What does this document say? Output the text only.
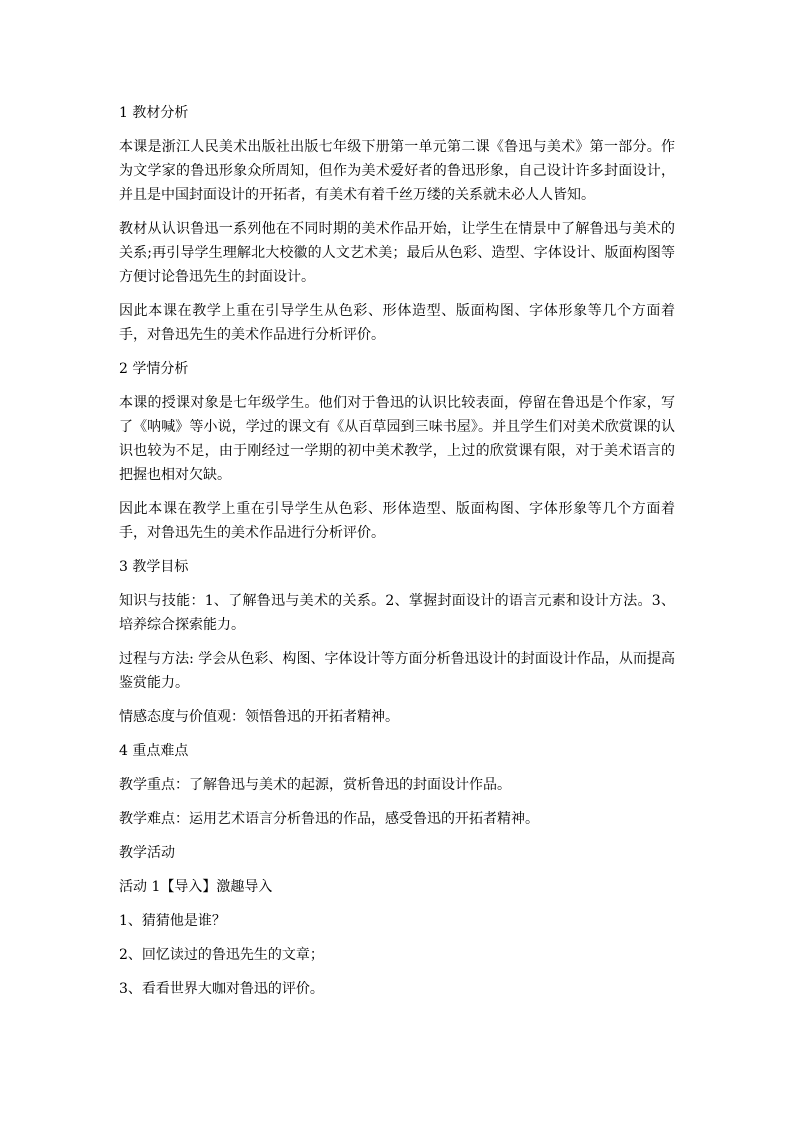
1 教材分析

本课是浙江人民美术出版社出版七年级下册第一单元第二课《鲁迅与美术》第一部分。作为文学家的鲁迅形象众所周知，但作为美术爱好者的鲁迅形象，自己设计许多封面设计，并且是中国封面设计的开拓者，有美术有着千丝万缕的关系就未必人人皆知。

教材从认识鲁迅一系列他在不同时期的美术作品开始，让学生在情景中了解鲁迅与美术的关系;再引导学生理解北大校徽的人文艺术美；最后从色彩、造型、字体设计、版面构图等方便讨论鲁迅先生的封面设计。

因此本课在教学上重在引导学生从色彩、形体造型、版面构图、字体形象等几个方面着手，对鲁迅先生的美术作品进行分析评价。

2 学情分析

本课的授课对象是七年级学生。他们对于鲁迅的认识比较表面，停留在鲁迅是个作家，写了《呐喊》等小说，学过的课文有《从百草园到三味书屋》。并且学生们对美术欣赏课的认识也较为不足，由于刚经过一学期的初中美术教学，上过的欣赏课有限，对于美术语言的把握也相对欠缺。

因此本课在教学上重在引导学生从色彩、形体造型、版面构图、字体形象等几个方面着手，对鲁迅先生的美术作品进行分析评价。

3 教学目标

知识与技能：1、了解鲁迅与美术的关系。2、掌握封面设计的语言元素和设计方法。3、培养综合探索能力。

过程与方法: 学会从色彩、构图、字体设计等方面分析鲁迅设计的封面设计作品，从而提高鉴赏能力。

情感态度与价值观：领悟鲁迅的开拓者精神。

4 重点难点

教学重点：了解鲁迅与美术的起源，赏析鲁迅的封面设计作品。

教学难点：运用艺术语言分析鲁迅的作品，感受鲁迅的开拓者精神。

教学活动

活动 1【导入】激趣导入

1、猜猜他是谁？

2、回忆读过的鲁迅先生的文章；

3、看看世界大咖对鲁迅的评价。
